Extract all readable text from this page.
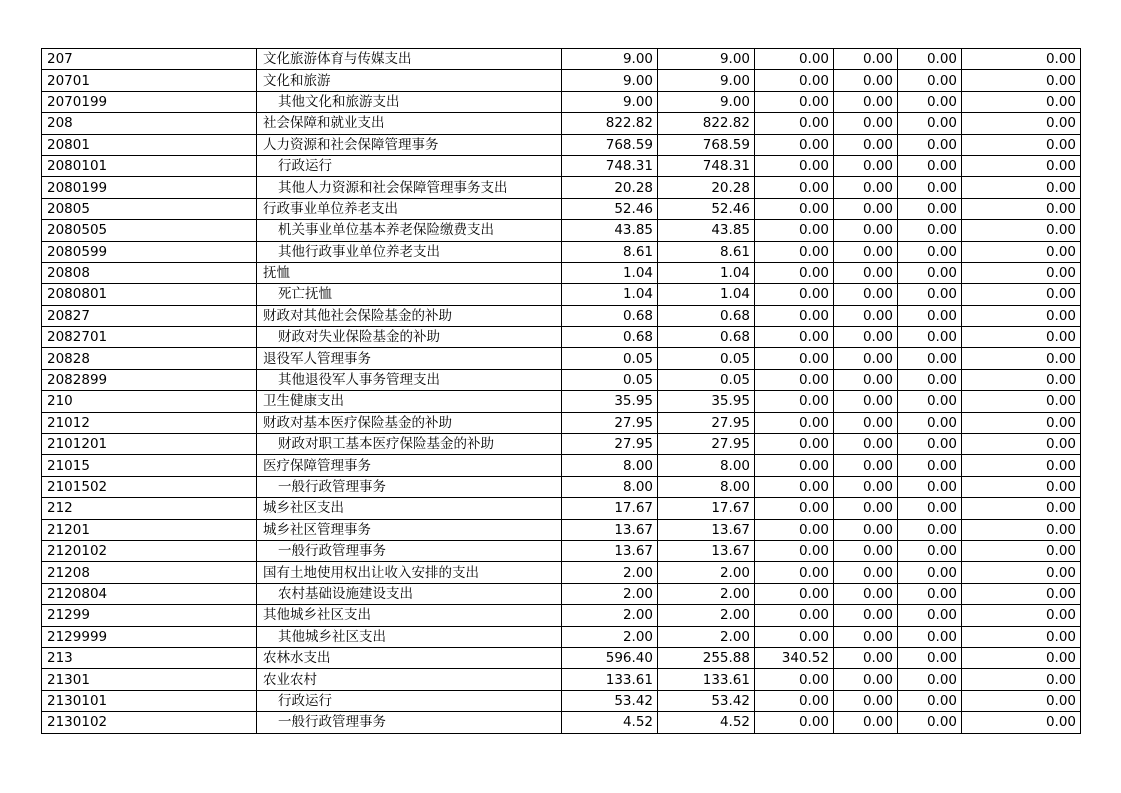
207	文化旅游体育与传媒支出	9.00	9.00	0.00	0.00	0.00	0.00
20701	文化和旅游	9.00	9.00	0.00	0.00	0.00	0.00
2070199	其他文化和旅游支出	9.00	9.00	0.00	0.00	0.00	0.00
208	社会保障和就业支出	822.82	822.82	0.00	0.00	0.00	0.00
20801	人力资源和社会保障管理事务	768.59	768.59	0.00	0.00	0.00	0.00
2080101	行政运行	748.31	748.31	0.00	0.00	0.00	0.00
2080199	其他人力资源和社会保障管理事务支出	20.28	20.28	0.00	0.00	0.00	0.00
20805	行政事业单位养老支出	52.46	52.46	0.00	0.00	0.00	0.00
2080505	机关事业单位基本养老保险缴费支出	43.85	43.85	0.00	0.00	0.00	0.00
2080599	其他行政事业单位养老支出	8.61	8.61	0.00	0.00	0.00	0.00
20808	抚恤	1.04	1.04	0.00	0.00	0.00	0.00
2080801	死亡抚恤	1.04	1.04	0.00	0.00	0.00	0.00
20827	财政对其他社会保险基金的补助	0.68	0.68	0.00	0.00	0.00	0.00
2082701	财政对失业保险基金的补助	0.68	0.68	0.00	0.00	0.00	0.00
20828	退役军人管理事务	0.05	0.05	0.00	0.00	0.00	0.00
2082899	其他退役军人事务管理支出	0.05	0.05	0.00	0.00	0.00	0.00
210	卫生健康支出	35.95	35.95	0.00	0.00	0.00	0.00
21012	财政对基本医疗保险基金的补助	27.95	27.95	0.00	0.00	0.00	0.00
2101201	财政对职工基本医疗保险基金的补助	27.95	27.95	0.00	0.00	0.00	0.00
21015	医疗保障管理事务	8.00	8.00	0.00	0.00	0.00	0.00
2101502	一般行政管理事务	8.00	8.00	0.00	0.00	0.00	0.00
212	城乡社区支出	17.67	17.67	0.00	0.00	0.00	0.00
21201	城乡社区管理事务	13.67	13.67	0.00	0.00	0.00	0.00
2120102	一般行政管理事务	13.67	13.67	0.00	0.00	0.00	0.00
21208	国有土地使用权出让收入安排的支出	2.00	2.00	0.00	0.00	0.00	0.00
2120804	农村基础设施建设支出	2.00	2.00	0.00	0.00	0.00	0.00
21299	其他城乡社区支出	2.00	2.00	0.00	0.00	0.00	0.00
2129999	其他城乡社区支出	2.00	2.00	0.00	0.00	0.00	0.00
213	农林水支出	596.40	255.88	340.52	0.00	0.00	0.00
21301	农业农村	133.61	133.61	0.00	0.00	0.00	0.00
2130101	行政运行	53.42	53.42	0.00	0.00	0.00	0.00
2130102	一般行政管理事务	4.52	4.52	0.00	0.00	0.00	0.00
